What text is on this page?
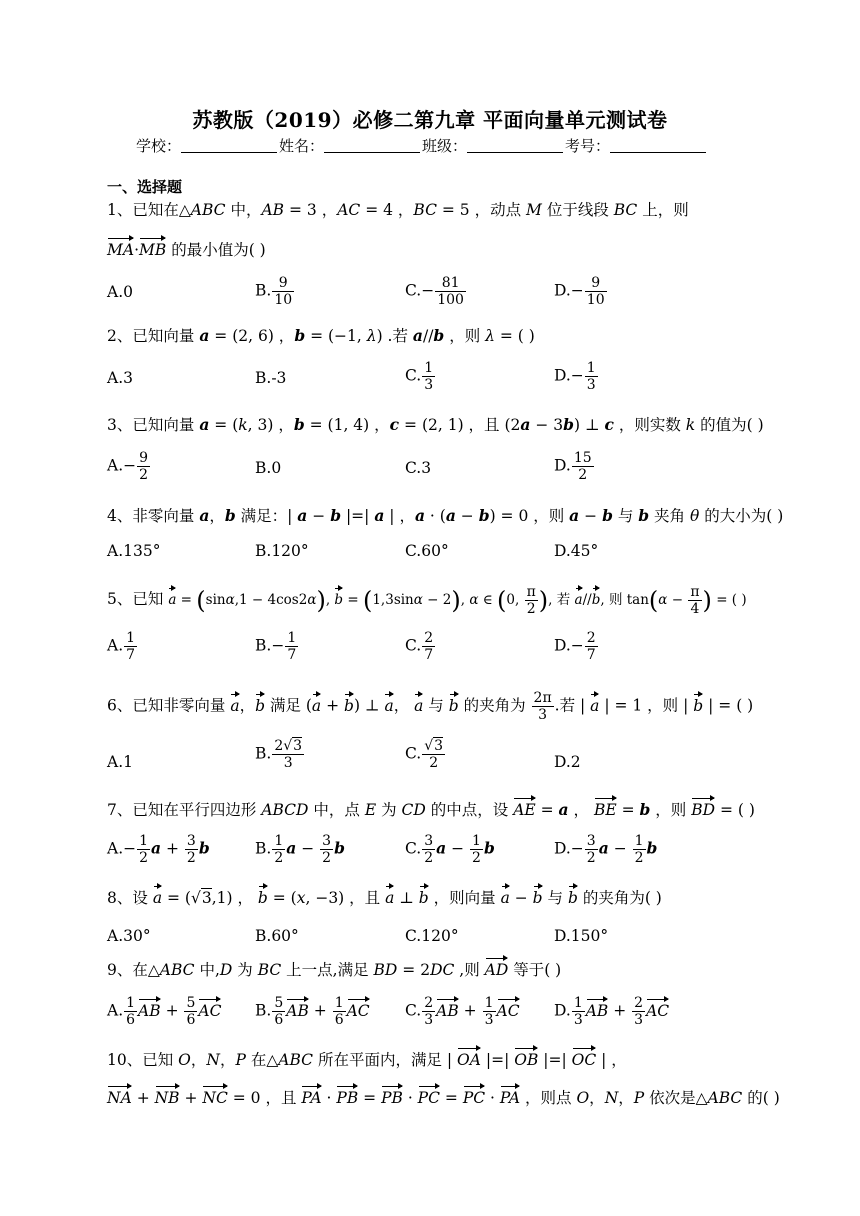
苏教版（2019）必修二第九章 平面向量单元测试卷
学校：	姓名：	班级：	考号：
一、选择题
1、已知在△ABC 中，AB = 3 ，AC = 4 ，BC = 5 ，动点 M 位于线段 BC 上，则
MA·MB 的最小值为( )
A.0	B. $\frac{9}{10}$	$C.- \frac{81}{100}$	$D.- \frac{9}{10}$
2、已知向量 a = (2, 6) ，b = (−1, λ) .若 a//b ，则 λ = ( )
A.3	B.-3	C. $\frac{1}{3}$	$D.- \frac{1}{3}$
3、已知向量 a = (k, 3) ，b = (1, 4) ，c = (2, 1) ，且 (2a − 3b) ⊥ c ，则实数 k 的值为( )
$A.- \frac{9}{2}$	B.0	C.3	D. $\frac{15}{2}$
4、非零向量 a，b 满足：| a − b |=| a | ，a · (a − b) = 0 ，则 a − b 与 b 夹角 θ 的大小为( )
A.135°	B.120°	C.60°	D.45°
5、已知 a = (sinα,1 − 4cos2α), b = (1,3sinα − 2), α ∈ (0, $\frac{\pi}{2}$ ), 若 a//b, 则 $\tan(\alpha - \frac{\pi}{4}$ ) = ( )
A. $\frac{1}{7}$	$B.- \frac{1}{7}$	C. $\frac{2}{7}$	$D.- \frac{2}{7}$
6、已知非零向量 a，b 满足 (a + b) ⊥ a， a 与 b 的夹角为 $\frac{2\pi}{3}$ .若 | a | = 1 ，则 | b | = ( )
A.1	B. $\frac{2√3}{3}$	C. $\frac{√3}{2}$	D.2
7、已知在平行四边形 ABCD 中，点 E 为 CD 的中点，设 AE = a ， BE = b ，则 BD = ( )
$A.- \frac{1}{2}$ $a + \frac{3}{2}$ b	B. $\frac{1}{2}$ $a - \frac{3}{2}$ b	C. $\frac{3}{2}$ $a - \frac{1}{2}$ b	$D.- \frac{3}{2}$ $a - \frac{1}{2}$ b
8、设 a = (√3,1) ， b = (x, −3) ，且 a ⊥ b ，则向量 a − b 与 b 的夹角为( )
A.30°	B.60°	C.120°	D.150°
9、在△ABC 中,D 为 BC 上一点,满足 BD = 2DC ,则 AD 等于( )
A. $\frac{1}{6}$ AB + $\frac{5}{6}$ AC B. $\frac{5}{6}$ AB + $\frac{1}{6}$ AC C. $\frac{2}{3}$ AB + $\frac{1}{3}$ AC D. $\frac{1}{3}$ AB + $\frac{2}{3}$ AC
10、已知 O，N，P 在△ABC 所在平面内，满足 | OA |=| OB |=| OC | ，
NA + NB + NC = 0 ，且 PA · PB = PB · PC = PC · PA ，则点 O，N，P 依次是△ABC 的( )
